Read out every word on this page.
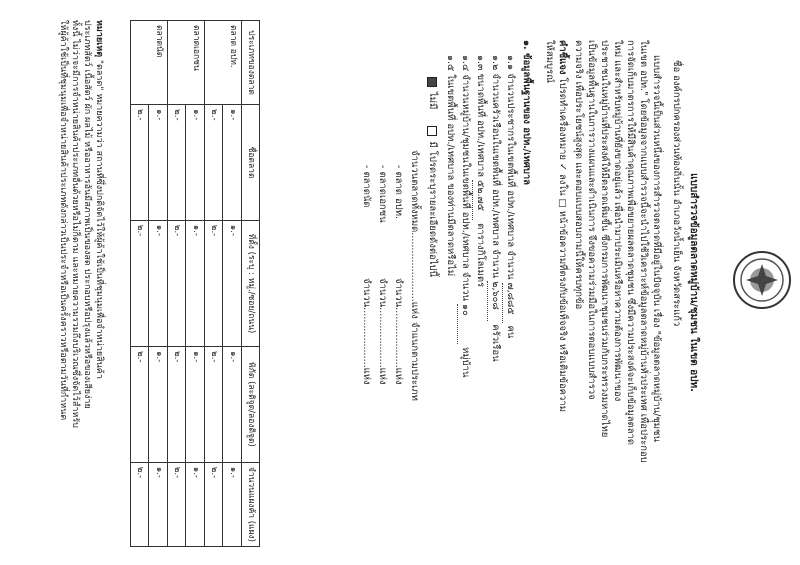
แบบสำรวจข้อมูลตลาดหมู่บ้าน/ชุมชน ในเขต อปท.
ชื่อ องค์กรปกครองส่วนท้องถิ่นนั้น อำเภอวังน้ำเย็น จังหวัดสระแก้ว
แบบสำรวจนี้เป็นส่วนหนึ่งของการสำรวจตลาดที่มีอยู่ในปัจจุบัน เรื่อง "ข้อมูลตลาดหมู่บ้าน/ชุมชน
ในเขต อปท." โดยข้อมูลจากแบบสำรวจนี้จะนำไปใช้วิเคราะห์ข้อมูลตลาดหมู่บ้านทั่วประเทศ เพื่อประกอบ
การจัดเก็บมาตรการให้มีสินค้าคุณภาพเพื่อขยายผลตลาดชุมชน ซึ่งมีความประสงค์จะเก็บข้อมูลตลาด
ใหม่ และสำหรับหมู่บ้านที่ยังขาดอยู่แล้ว เพื่อนำมาประเมินหรือหาความต้องการพัฒนาของ
ประชาชนในหมู่บ้านที่ประสงค์ให้มีตลาดเพิ่มขึ้น ซึ่งกรมการพัฒนาชุมชนร่วมกับกระทรวงมหาดไทย
เป็นข้อมูลพื้นฐานในการวางแผนและดำเนินการ จึงขอความร่วมมือในการตอบแบบสำรวจ
ความจริง เพื่อประโยชน์สูงสุด และตอบแบบสอบถามนี้ให้ครบทุกข้อ
คำชี้แจง โปรดทำเครื่องหมาย ✓ ลงใน □ หน้าข้อความที่ตรงกับข้อเท็จจริง หรือเติมข้อความ
ให้สมบูรณ์
๑. ข้อมูลพื้นฐานของ อปท./เทศบาล
๑.๑ จำนวนประชากรในเขตพื้นที่ อปท./เทศบาล จำนวน ๗,๘๘๕ คน
๑.๒ จำนวนครัวเรือนในเขตพื้นที่ อปท./เทศบาล จำนวน ๒,๖๐๘ ครัวเรือน
๑.๓ ขนาดพื้นที่ อปท./เทศบาล ๕๒.๗๕ ตารางกิโลเมตร
๑.๔ จำนวนหมู่บ้าน/ชุมชนในเขตพื้นที่ อปท./เทศบาล จำนวน ๑๐ หมู่บ้าน
๑.๕ ในเขตพื้นที่ อปท./เทศบาล ของท่านมีตลาดหรือไม่
ไม่มี      มี โปรดระบุรายละเอียดดังต่อไปนี้
จำนวนตลาดทั้งหมด.......................แห่ง จำแนกตามประเภท
- ตลาด อปท. จำนวน....................แห่ง
- ตลาดเอกชน จำนวน....................แห่ง
- ตลาดนัด จำนวน....................แห่ง
ประเภทของตลาด	ชื่อตลาด	ที่ตั้ง (ระบุ : หมู่./ซอย/ถนน)	พิกัด (ละติจูด/ลองติจูด)	จำนวนแผงค้า (แผง)
ตลาด อปท.	๑.-	๑.-	๑.-	๑.-
	๒.-	๒.-	๒.-	๒.-
ตลาดเอกชน	๑.-	๑.-	๑.-	๑.-
	๒.-	๒.-	๒.-	๒.-
ตลาดนัด	๑.-	๑.-	๑.-	๑.-
	๒.-	๒.-	๒.-	๒.-
หมายเหตุ "ตลาด" หมายความว่า สถานที่ซึ่งปกติจัดไว้ให้ผู้ค้าใช้เป็นที่ชุมนุมเพื่อจำหน่ายสินค้า
ประเภทสัตว์ เนื้อสัตว์ ผัก ผลไม้ หรืออาหารอันมีสภาพเป็นของสด ประกอบหรือปรุงแล้วหรือของเสียง่าย
ทั้งนี้ ไม่ว่าจะมีการจำหน่ายสินค้าประเภทอื่นด้วยหรือไม่ก็ตาม และหมายความรวมถึงบริเวณซึ่งจัดไว้สำหรับ
ให้ผู้ค้าใช้เป็นที่ชุมนุมเพื่อจำหน่ายสินค้าประเภทดังกล่าวเป็นประจำหรือเป็นครั้งคราวหรือตามวันที่กำหนด
